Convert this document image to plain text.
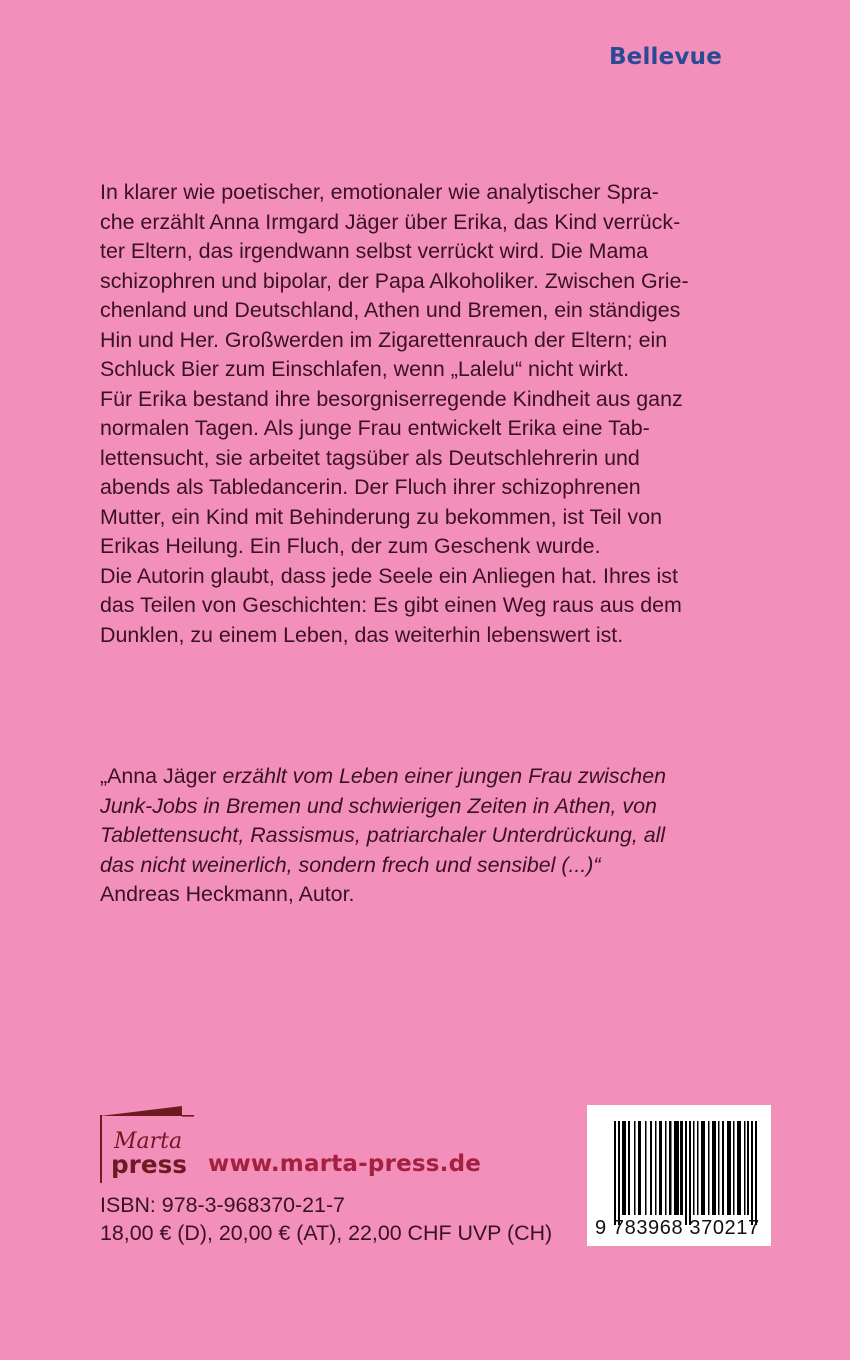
Bellevue

In klarer wie poetischer, emotionaler wie analytischer Spra-

che erzählt Anna Irmgard Jäger über Erika, das Kind verrück-

ter Eltern, das irgendwann selbst verrückt wird. Die Mama

schizophren und bipolar, der Papa Alkoholiker. Zwischen Grie-

chenland und Deutschland, Athen und Bremen, ein ständiges

Hin und Her. Großwerden im Zigarettenrauch der Eltern; ein

Schluck Bier zum Einschlafen, wenn „Lalelu“ nicht wirkt.

Für Erika bestand ihre besorgniserregende Kindheit aus ganz

normalen Tagen. Als junge Frau entwickelt Erika eine Tab-

lettensucht, sie arbeitet tagsüber als Deutschlehrerin und

abends als Tabledancerin. Der Fluch ihrer schizophrenen

Mutter, ein Kind mit Behinderung zu bekommen, ist Teil von

Erikas Heilung. Ein Fluch, der zum Geschenk wurde.

Die Autorin glaubt, dass jede Seele ein Anliegen hat. Ihres ist

das Teilen von Geschichten: Es gibt einen Weg raus aus dem

Dunklen, zu einem Leben, das weiterhin lebenswert ist.

„Anna Jäger erzählt vom Leben einer jungen Frau zwischen

Junk-Jobs in Bremen und schwierigen Zeiten in Athen, von

Tablettensucht, Rassismus, patriarchaler Unterdrückung, all

das nicht weinerlich, sondern frech und sensibel (...)“

Andreas Heckmann, Autor.

Marta
press www.marta-press.de
ISBN: 978-3-968370-21-7
18,00 € (D), 20,00 € (AT), 22,00 CHF UVP (CH) 9 783968 370217
